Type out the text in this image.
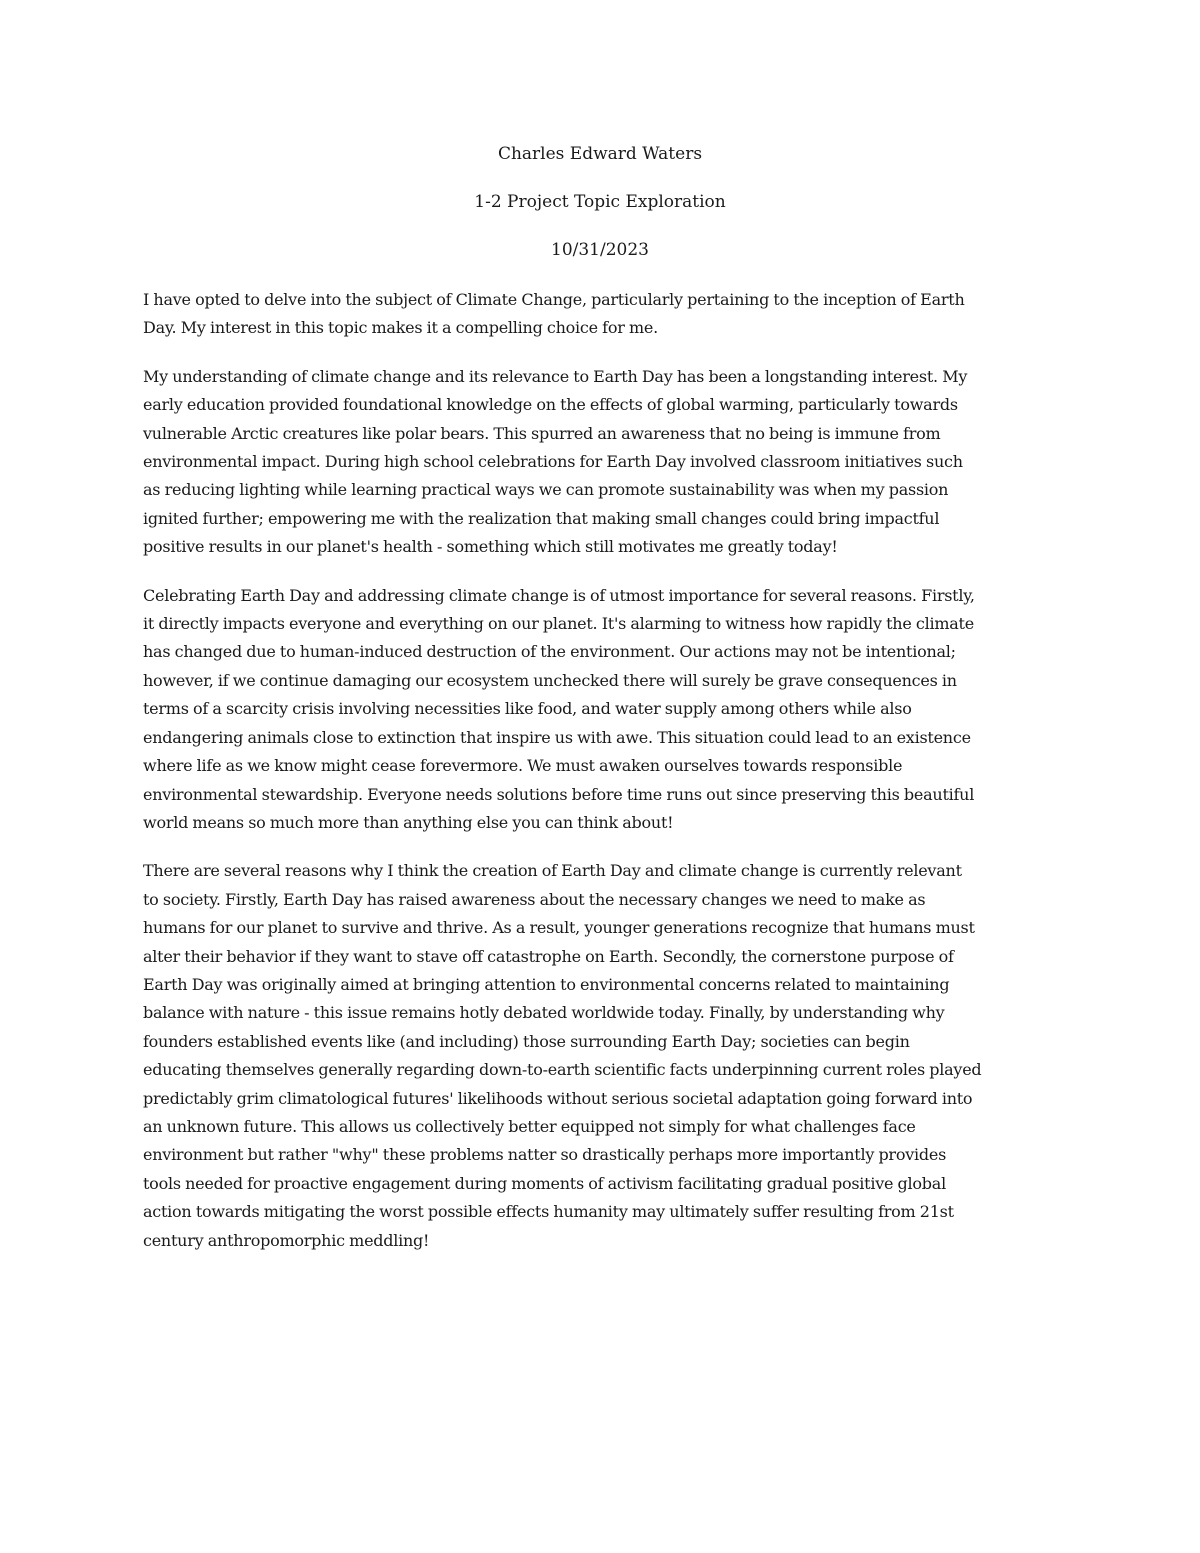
Charles Edward Waters
1-2 Project Topic Exploration
10/31/2023

I have opted to delve into the subject of Climate Change, particularly pertaining to the inception of Earth
Day. My interest in this topic makes it a compelling choice for me.

My understanding of climate change and its relevance to Earth Day has been a longstanding interest. My
early education provided foundational knowledge on the effects of global warming, particularly towards
vulnerable Arctic creatures like polar bears. This spurred an awareness that no being is immune from
environmental impact. During high school celebrations for Earth Day involved classroom initiatives such
as reducing lighting while learning practical ways we can promote sustainability was when my passion
ignited further; empowering me with the realization that making small changes could bring impactful
positive results in our planet's health - something which still motivates me greatly today!

Celebrating Earth Day and addressing climate change is of utmost importance for several reasons. Firstly,
it directly impacts everyone and everything on our planet. It's alarming to witness how rapidly the climate
has changed due to human-induced destruction of the environment. Our actions may not be intentional;
however, if we continue damaging our ecosystem unchecked there will surely be grave consequences in
terms of a scarcity crisis involving necessities like food, and water supply among others while also
endangering animals close to extinction that inspire us with awe. This situation could lead to an existence
where life as we know might cease forevermore. We must awaken ourselves towards responsible
environmental stewardship. Everyone needs solutions before time runs out since preserving this beautiful
world means so much more than anything else you can think about!

There are several reasons why I think the creation of Earth Day and climate change is currently relevant
to society. Firstly, Earth Day has raised awareness about the necessary changes we need to make as
humans for our planet to survive and thrive. As a result, younger generations recognize that humans must
alter their behavior if they want to stave off catastrophe on Earth. Secondly, the cornerstone purpose of
Earth Day was originally aimed at bringing attention to environmental concerns related to maintaining
balance with nature - this issue remains hotly debated worldwide today. Finally, by understanding why
founders established events like (and including) those surrounding Earth Day; societies can begin
educating themselves generally regarding down-to-earth scientific facts underpinning current roles played
predictably grim climatological futures' likelihoods without serious societal adaptation going forward into
an unknown future. This allows us collectively better equipped not simply for what challenges face
environment but rather "why" these problems natter so drastically perhaps more importantly provides
tools needed for proactive engagement during moments of activism facilitating gradual positive global
action towards mitigating the worst possible effects humanity may ultimately suffer resulting from 21st
century anthropomorphic meddling!
